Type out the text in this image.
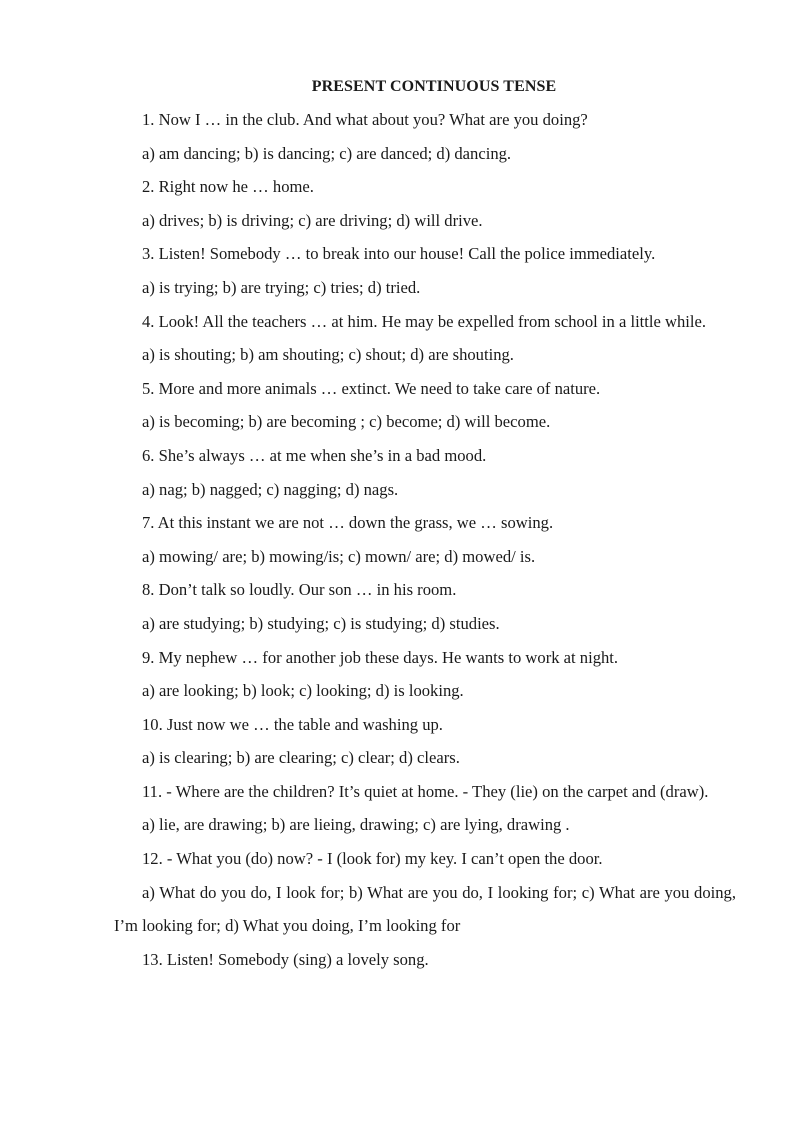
PRESENT CONTINUOUS TENSE

1. Now I … in the club. And what about you? What are you doing?

a) am dancing; b) is dancing; c) are danced; d) dancing.

2. Right now he … home.

a) drives; b) is driving; c) are driving; d) will drive.

3. Listen! Somebody … to break into our house! Call the police immediately.

a) is trying; b) are trying; c) tries; d) tried.

4. Look! All the teachers … at him. He may be expelled from school in a little while.

a) is shouting; b) am shouting; c) shout; d) are shouting.

5. More and more animals … extinct. We need to take care of nature.

a) is becoming; b) are becoming ; c) become; d) will become.

6. She’s always … at me when she’s in a bad mood.

a) nag; b) nagged; c) nagging; d) nags.

7. At this instant we are not … down the grass, we … sowing.

a) mowing/ are; b) mowing/is; c) mown/ are; d) mowed/ is.

8. Don’t talk so loudly. Our son … in his room.

a) are studying; b) studying; c) is studying; d) studies.

9. My nephew … for another job these days. He wants to work at night.

a) are looking; b) look; c) looking; d) is looking.

10. Just now we … the table and washing up.

a) is clearing; b) are clearing; c) clear; d) clears.

11. - Where are the children? It’s quiet at home. - They (lie) on the carpet and (draw).

a) lie, are drawing; b) are lieing, drawing; c) are lying, drawing .

12. - What you (do) now? - I (look for) my key. I can’t open the door.

a) What do you do, I look for; b) What are you do, I looking for; c) What are you doing, I’m looking for; d) What you doing, I’m looking for

13. Listen! Somebody (sing) a lovely song.
